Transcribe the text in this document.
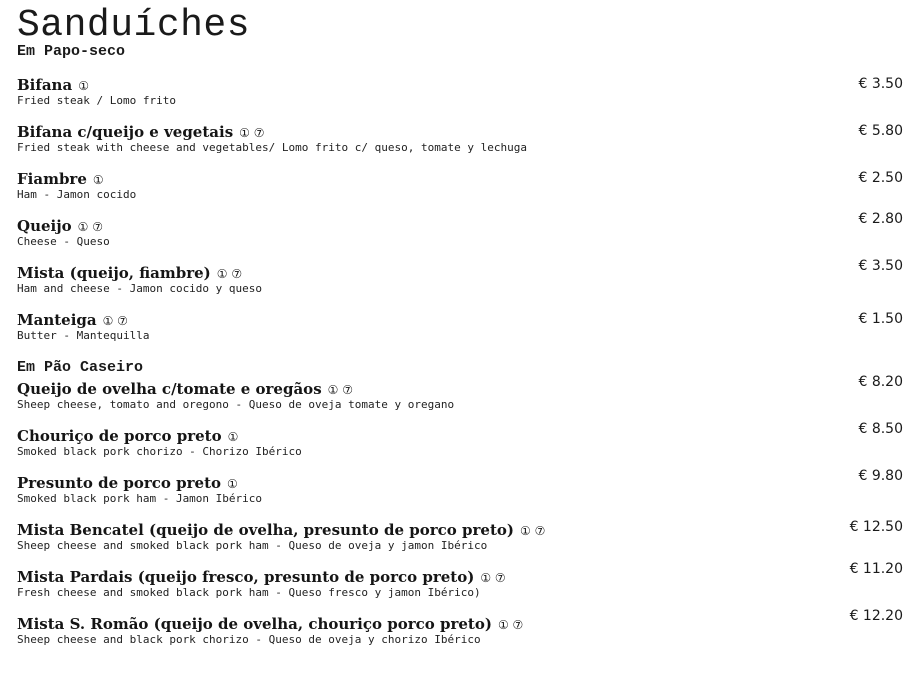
Sanduíches
Em Papo-seco
Bifana ①
Fried steak / Lomo frito
€ 3.50
Bifana c/queijo e vegetais ① ⑦
Fried steak with cheese and vegetables/ Lomo frito c/ queso, tomate y lechuga
€ 5.80
Fiambre ①
Ham - Jamon cocido
€ 2.50
Queijo ① ⑦
Cheese - Queso
€ 2.80
Mista (queijo, fiambre) ① ⑦
Ham and cheese - Jamon cocido y queso
€ 3.50
Manteiga ① ⑦
Butter - Mantequilla
€ 1.50
Em Pão Caseiro
Queijo de ovelha c/tomate e oregãos ① ⑦
Sheep cheese, tomato and oregono - Queso de oveja tomate y oregano
€ 8.20
Chouriço de porco preto ①
Smoked black pork chorizo - Chorizo Ibérico
€ 8.50
Presunto de porco preto ①
Smoked black pork ham - Jamon Ibérico
€ 9.80
Mista Bencatel (queijo de ovelha, presunto de porco preto) ① ⑦
Sheep cheese and smoked black pork ham - Queso de oveja y jamon Ibérico
€ 12.50
Mista Pardais (queijo fresco, presunto de porco preto) ① ⑦
Fresh cheese and smoked black pork ham - Queso fresco y jamon Ibérico)
€ 11.20
Mista S. Romão (queijo de ovelha, chouriço porco preto) ① ⑦
Sheep cheese and black pork chorizo - Queso de oveja y chorizo Ibérico
€ 12.20
